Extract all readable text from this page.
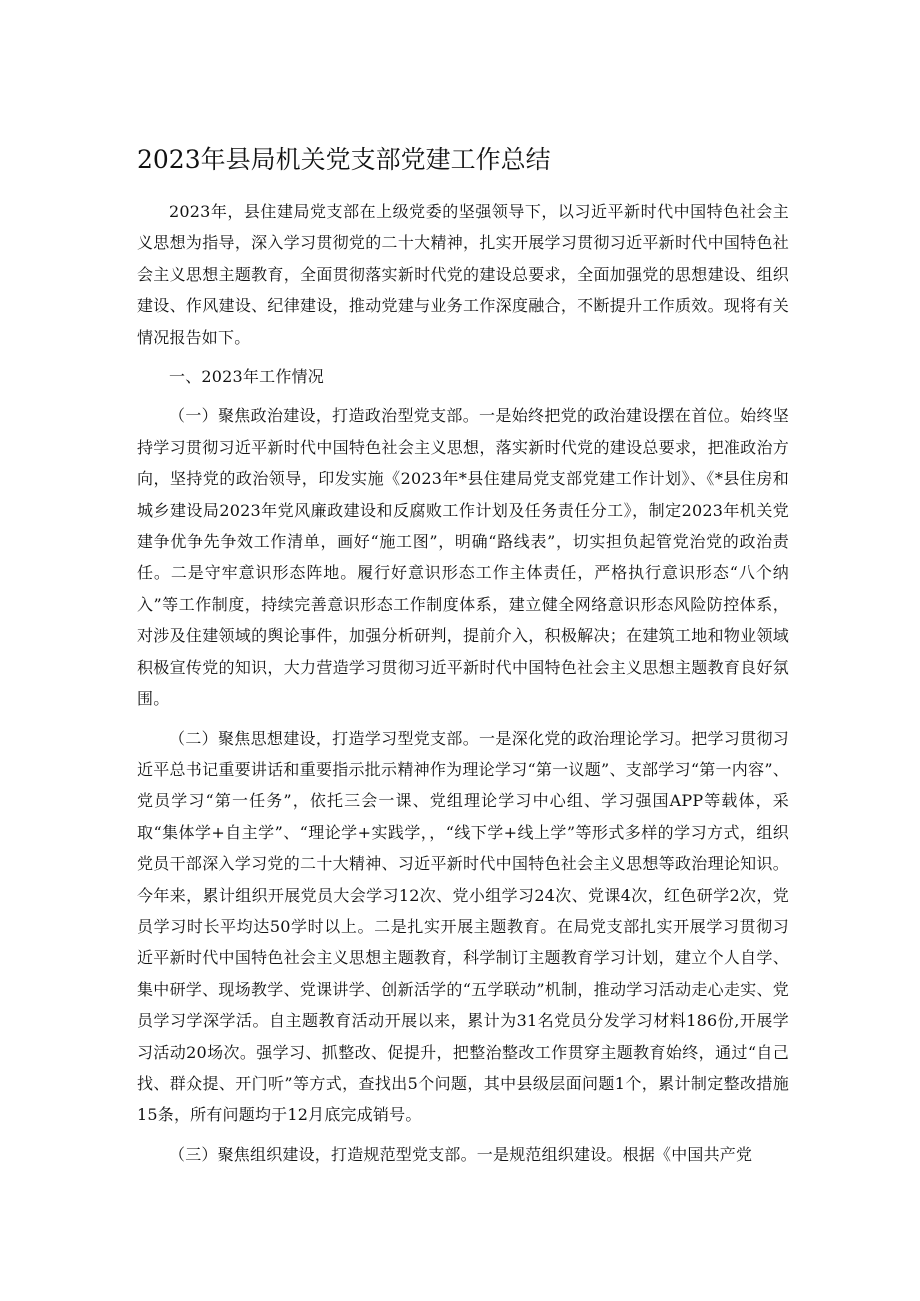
2023年县局机关党支部党建工作总结

2023年，县住建局党支部在上级党委的坚强领导下，以习近平新时代中国特色社会主义思想为指导，深入学习贯彻党的二十大精神，扎实开展学习贯彻习近平新时代中国特色社会主义思想主题教育，全面贯彻落实新时代党的建设总要求，全面加强党的思想建设、组织建设、作风建设、纪律建设，推动党建与业务工作深度融合，不断提升工作质效。现将有关情况报告如下。

一、2023年工作情况

（一）聚焦政治建设，打造政治型党支部。一是始终把党的政治建设摆在首位。始终坚持学习贯彻习近平新时代中国特色社会主义思想，落实新时代党的建设总要求，把准政治方向，坚持党的政治领导，印发实施《2023年*县住建局党支部党建工作计划》、《*县住房和城乡建设局2023年党风廉政建设和反腐败工作计划及任务责任分工》，制定2023年机关党建争优争先争效工作清单，画好“施工图”，明确“路线表”，切实担负起管党治党的政治责任。二是守牢意识形态阵地。履行好意识形态工作主体责任，严格执行意识形态“八个纳入”等工作制度，持续完善意识形态工作制度体系，建立健全网络意识形态风险防控体系，对涉及住建领域的舆论事件，加强分析研判，提前介入，积极解决；在建筑工地和物业领域积极宣传党的知识，大力营造学习贯彻习近平新时代中国特色社会主义思想主题教育良好氛围。

（二）聚焦思想建设，打造学习型党支部。一是深化党的政治理论学习。把学习贯彻习近平总书记重要讲话和重要指示批示精神作为理论学习“第一议题”、支部学习“第一内容”、党员学习“第一任务”，依托三会一课、党组理论学习中心组、学习强国APP等载体，采取“集体学+自主学”、“理论学+实践学，，“线下学+线上学”等形式多样的学习方式，组织党员干部深入学习党的二十大精神、习近平新时代中国特色社会主义思想等政治理论知识。今年来，累计组织开展党员大会学习12次、党小组学习24次、党课4次，红色研学2次，党员学习时长平均达50学时以上。二是扎实开展主题教育。在局党支部扎实开展学习贯彻习近平新时代中国特色社会主义思想主题教育，科学制订主题教育学习计划，建立个人自学、集中研学、现场教学、党课讲学、创新活学的“五学联动”机制，推动学习活动走心走实、党员学习学深学活。自主题教育活动开展以来，累计为31名党员分发学习材料186份,开展学习活动20场次。强学习、抓整改、促提升，把整治整改工作贯穿主题教育始终，通过“自己找、群众提、开门听”等方式，查找出5个问题，其中县级层面问题1个，累计制定整改措施15条，所有问题均于12月底完成销号。

（三）聚焦组织建设，打造规范型党支部。一是规范组织建设。根据《中国共产党
